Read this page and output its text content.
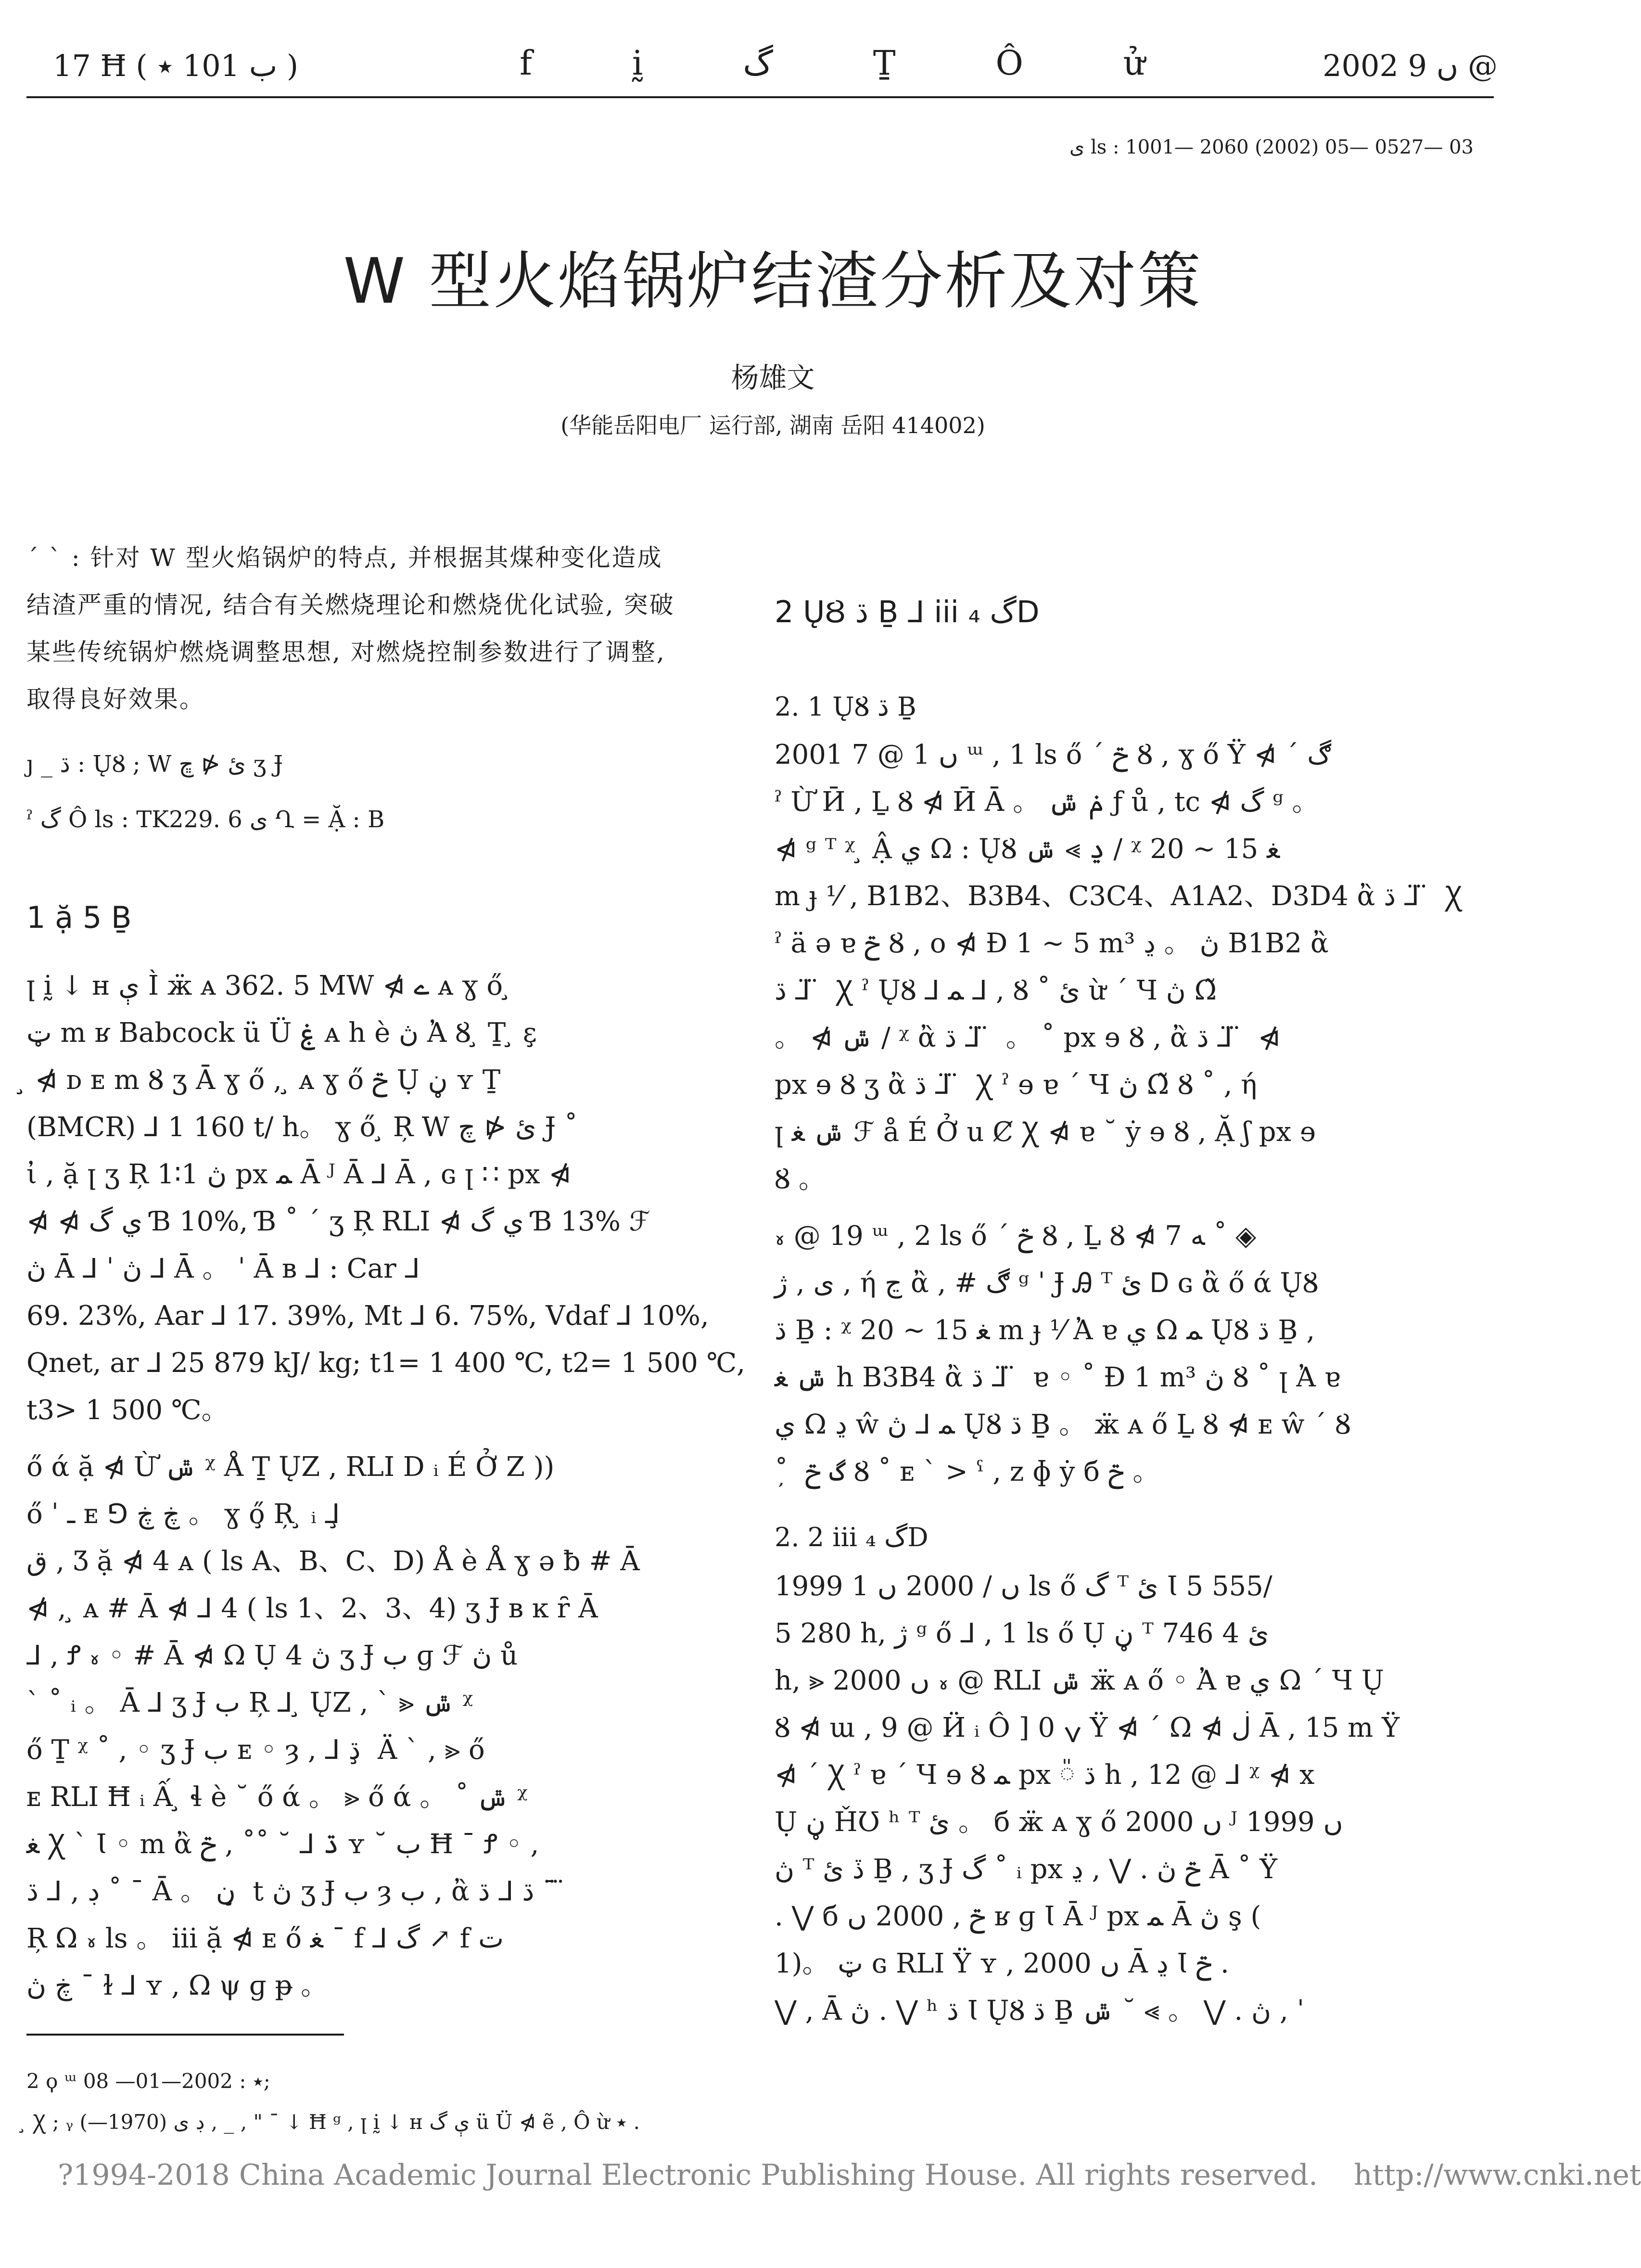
17 Ħ ( ب 101 ٭ )	f	ḭ	گ	Ṯ	Ô	ử	2002 ں 9 @
ى ls : 1001— 2060 (2002) 05— 0527— 03
W 型火焰锅炉结渣分析及对策
杨雄文
(华能岳阳电厂 运行部, 湖南 岳阳 414002)
ˊ ˋ : 针对 W 型火焰锅炉的特点, 并根据其煤种变化造成
结渣严重的情况, 结合有关燃烧理论和燃烧优化试验, 突破
某些传统锅炉燃烧调整思想, 对燃烧控制参数进行了调整,
取得良好效果。
ȷ _ ڌ : ŲȢ ; W ئ ⋪ ڇ ʒ Ɉ
ˀ گ Ô ls : TK229. 6 ى Ղ = Ặ : B
1 ặ 5 Ḇ
ꞁ ḭ ↓ ʜ ې Ì ӝ ᴀ 362. 5 MW ⋪ ے ᴀ ɣ ő ̧
ټ m ʁ Babcock ü Ü ۼ ᴀ h è ڽ Ἀ Ȣ ̧ Ṯ ̧ ε̧
̧ ⋪ ᴅ ᴇ m Ȣ ʒ Ā ɣ ő , ̧ ᴀ ɣ ő ݗ Ụ ڼ ʏ Ṯ
(BMCR) ⅃ 1 160 t/ h。 ɣ ő ̧ Ŗ W ئ ⋪ چ Ɉ ˚
ἰ , ặ ꞁ ʒ Ŗ 1∶1 ڽ px ﻤ Ā ᴶ Ā ⅃ Ā , ɢ ꞁ ∷ px ⋪
⋪ ⋪ ي گ Ɓ 10%, Ɓ ˚ ˊ ʒ Ŗ RLI ⋪ ي گ Ɓ 13% ℱ
ڽ Ā ⅃ ˈ ڽ ⅃ Ā 。 ˈ Ā ʙ ⅃ : Car ⅃
69. 23%, Aar ⅃ 17. 39%, Mt ⅃ 6. 75%, Vdaf ⅃ 10%,
Qnet, ar ⅃ 25 879 kJ/ kg; t1= 1 400 ℃, t2= 1 500 ℃,
t3> 1 500 ℃。
ő ά ặ ⋪ Ừ ݜ ᵡ Å Ṯ ŲZ , RLI Ⅾ ᵢ É Ở Z ))
ő ˈ ـ ᴇ ⅁ ڿ ڿ 。 ɣ ő̧ Ŗ ̧ ᵢ ⅃̧
ق , Ʒ ặ ⋪ 4 ᴀ ( ls A、B、C、D) Å è Å ɣ ə ƀ # Ā
⋪ , ̧ ᴀ # Ā ⋪ ⅃ 4 ( ls 1、2、3、4) ʒ Ɉ ʙ ĸ ȓ Ā
⅃ , Ꝭ ៵ ◦ # Ā ⋪ Ω Ụ ڽ 4 ʒ Ɉ ب ɡ ℱ ڽ ů
ˋ ˚ ᵢ 。 Ā ⅃ ʒ Ɉ ب Ŗ ⅃ ̧ ŲZ , ˋ ⪢ ݜ ᵡ
ő Ṯ ᵡ ˚ , ◦ ʒ Ɉ ب ᴇ ◦ ȝ , ⅃ ڌ ̧ Ä ˋ , ⪢ ő
ᴇ RLI Ħ ᵢ Ấ ̧ ɬ è ˘ ő ά 。 ⪢ ő ά 。 ˚ ݜ ᵡ
ﻐ Ꭓ ˋ Ɩ ◦ m ἂ ڌ ⅃ ˘ ˚˚ , ݗ ʏ ˘ ب Ħ ˉ Ꝭ ◦ ,
ڊ , ⅃ ڌ ˚ ˉ Ā 。 ن ̧ t ڽ ʒ Ɉ ب ȝ ب , ἂ ڌ ⅃ ڌ ˉ ̈ ̈
Ŗ Ω ៵ ls 。 iii ặ ⋪ ᴇ ő ﻐ ˉ f ⅃ گ ↗ f ت
ڿ ڽ ˉ ɫ ⅃ ʏ , Ω ψ ɡ ᵽ 。
2 ŲȢ ڌ Ḇ ⅃ iii ₄ گD
2. 1 ŲȢ ڌ Ḇ
2001 ں 1 @ 7 ᵚ , 1 ls ő ˊ ݗ Ȣ , ɣ ő Ÿ ⋪ ˊ ڰ
ˀ Ừ Ӣ , Ḻ Ȣ ⋪ Ӣ Ā 。 ݥ ݜ ƒ ů , tc ⋪ گ ᵍ 。
⋪ ᵍ ᵀ ᵡ ̧ Ậ ي Ω : ŲȢ ڍ ⪢ ݜ / ᵡ ﻐ 15 ~ 20
m ɟ ⅟ , B1B2、B3B4、C3C4、A1A2、D3D4 ἂ ڌ ⅃ ̈ ̈ Ꭓ
ˀ ä ə ɐ ݗ Ȣ , ᴏ ⋪ Ɖ 1 ~ 5 m³ ڽ 。 ڍ B1B2 ἂ
ڌ ⅃ ̈ ̈ Ꭓ ˀ ŲȢ ⅃ ﻤ ⅃ , Ȣ ˚ ئ ừ ˊ Ч ڽ Ω̃
。 ⋪ ݜ / ᵡ ἂ ڌ ⅃ ̈ ̈ 。 ˚ px ɘ Ȣ , ἂ ڌ ⅃ ̈ ̈ ⋪
px ɘ Ȣ ʒ ἂ ڌ ⅃ ̈ ̈ Ꭓ ˀ ɘ ɐ ˊ Ч ڽ Ω̃ Ȣ ˚ , ή
ꞁ ݜ ﻐ ℱ å É Ở u Ȼ Ꭓ ⋪ ɐ ˘ ẏ ɘ Ȣ , Ặ ʃ px ɘ
Ȣ 。
៵ @ 19 ᵚ , 2 ls ő ˊ ݗ Ȣ , Ḻ Ȣ ⋪ ﻪ 7 ˚ ◈
ى , ژ , ή ڃ ἂ , # ڰ ᵍ ˈ Ɉ Ꭿ ᵀ ئ Ꭰ ɢ ἂ ő ά ŲȢ
ڌ Ḇ : ᵡ ﻐ 15 ~ 20 m ɟ ⅟ Ἀ ɐ ي Ω ﻤ ŲȢ ڌ Ḇ ,
ݜ ﻐ h B3B4 ἂ ڌ ⅃ ̈ ̈ ɐ ◦ ˚ Ɖ 1 m³ ڽ Ȣ ˚ ꞁ Ἀ ɐ
ي Ω ڍ ŵ ﻤ ⅃ ڽ ŲȢ ڌ Ḇ 。 ӝ ᴀ ő Ḻ Ȣ ⋪ ᴇ ŵ ˊ Ȣ
˚ ̦ گ ݗ Ȣ ˚ ᴇ ˋ > ˁ , ᴢ ɸ ẏ б ݗ 。
2. 2 iii ₄ گD
1999 ں / 2000 ں 1 ls ő گ ᵀ ئ Ɩ 5 555/
5 280 h, ژ ᵍ ő ⅃ , 1 ls ő Ụ ڼ ᵀ ئ 4 746
h, ⪢ 2000 ں ៵ @ RLI ݜ ӝ ᴀ ő ◦ Ἀ ɐ ي Ω ˊ Ч Ų
Ȣ ⋪ ɯ , 9 @ Ӥ ᵢ Ô ] ݍ 0 Ÿ ⋪ ˊ Ω ⋪ ڶ Ā , 15 m Ÿ
⋪ ˊ Ꭓ ˀ ɐ ˊ Ч ɘ Ȣ ﻤ px ៉ ڌ h , 12 @ ⅃ ᵡ ⋪ x
Ụ ڼ ȞƱ ʰ ᵀ ئ 。 б ӝ ᴀ ɣ ő 2000 ں ᴶ 1999 ں
ڽ ᵀ ڏ ئ Ḇ , ʒ Ɉ گ ˚ ᵢ px ݗ ڽ . ⋁ , ڍ Ā ˚ Ÿ
. ⋁ б ݗ , 2000 ں ʁ ɡ Ɩ Ā ᴶ px ﻤ Ā ڽ ş (
1)。 ټ ɢ RLI Ÿ ʏ , 2000 ں Ā ڍ Ɩ ݗ .
⋁ , Ā ڽ . ⋁ ʰ ڌ Ɩ ŲȢ ڌ Ḇ ڽ . ⋁ 。 ⪢ ˘ ݜ , ˈ
2 ϙ ᵚ ٭ : 2002—01— 08;
̧ Ꭓ ; ᵧ ڊ ى (1970—) , _ , " ˉ ↓ Ħ ᵍ , ꞁ ḭ ↓ ʜ ې گ ü Ü ⋪ ẽ , Ô ừ ٭ .
?1994-2018 China Academic Journal Electronic Publishing House. All rights reserved. http://www.cnki.net
